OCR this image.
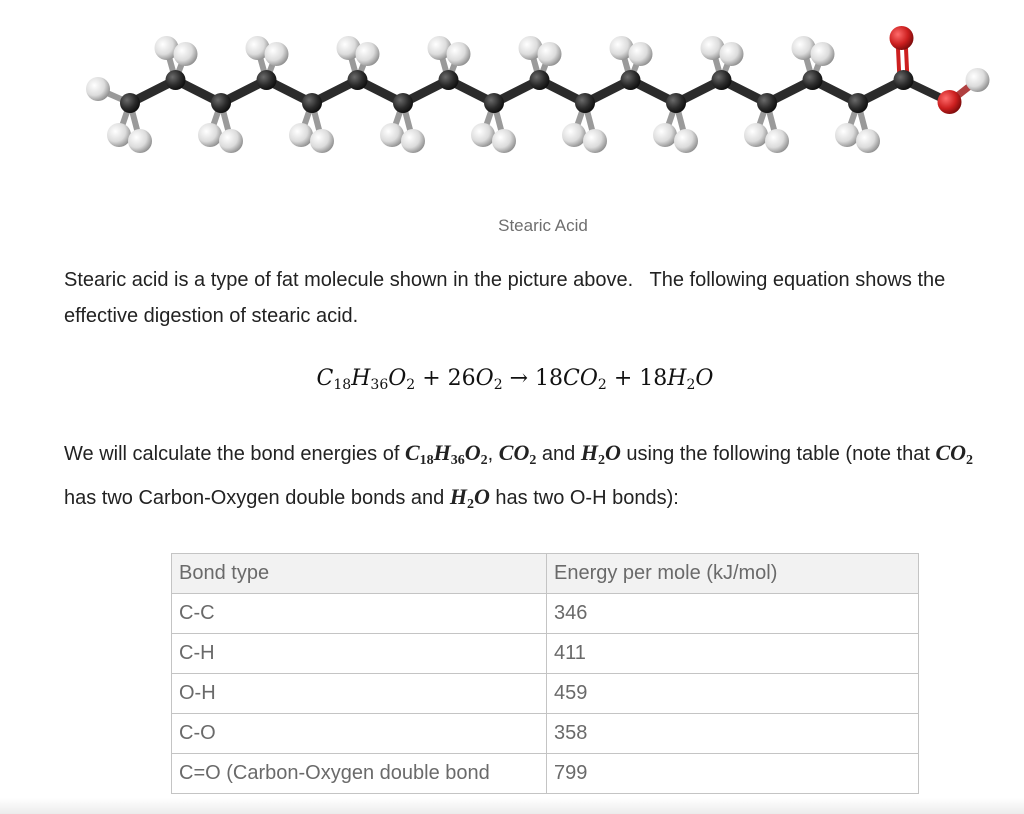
Stearic Acid

Stearic acid is a type of fat molecule shown in the picture above.   The following equation shows the effective digestion of stearic acid.

$C_{18}H_{36}O_2 + 26O_2 \to 18CO_2 + 18H_2O$

We will calculate the bond energies of $C_{18}H_{36}O_2$, $CO_2$ and $H_2O$ using the following table (note that $CO_2$ has two Carbon-Oxygen double bonds and $H_2O$ has two O-H bonds):

Bond type	Energy per mole (kJ/mol)
C-C	346
C-H	411
O-H	459
C-O	358
C=O (Carbon-Oxygen double bond	799
